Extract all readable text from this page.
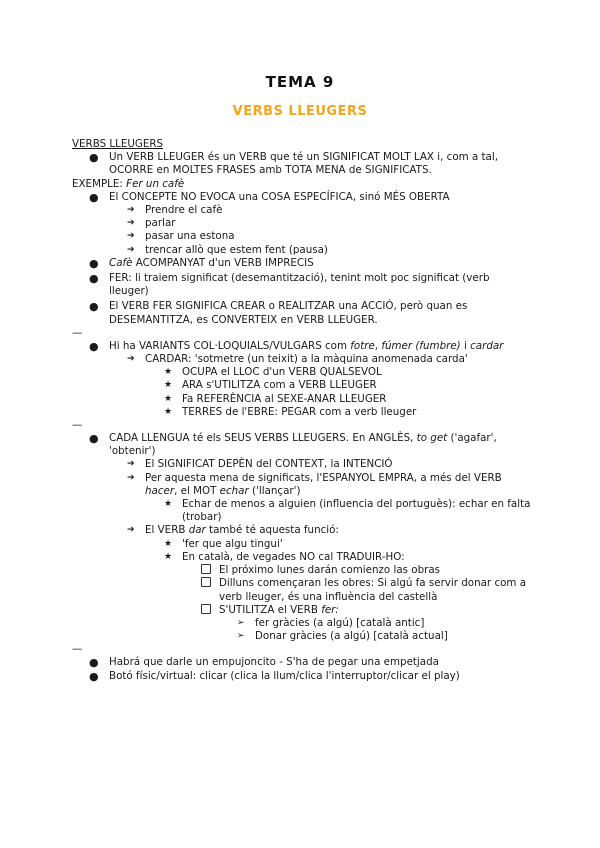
TEMA 9
VERBS LLEUGERS
VERBS LLEUGERS
● Un VERB LLEUGER és un VERB que té un SIGNIFICAT MOLT LAX i, com a tal, OCORRE en MOLTES FRASES amb TOTA MENA de SIGNIFICATS.
EXEMPLE: Fer un cafè
● El CONCEPTE NO EVOCA una COSA ESPECÍFICA, sinó MÉS OBERTA
➔ Prendre el cafè
➔ parlar
➔ pasar una estona
➔ trencar allò que estem fent (pausa)
● Cafè ACOMPANYAT d'un VERB IMPRECIS
● FER: li traiem significat (desemantització), tenint molt poc significat (verb lleuger)
● El VERB FER SIGNIFICA CREAR o REALITZAR una ACCIÓ, però quan es DESEMANTITZA, es CONVERTEIX en VERB LLEUGER.
—
● Hi ha VARIANTS COL·LOQUIALS/VULGARS com fotre, fúmer (fumbre) i cardar
➔ CARDAR: 'sotmetre (un teixit) a la màquina anomenada carda'
★ OCUPA el LLOC d'un VERB QUALSEVOL
★ ARA s'UTILITZA com a VERB LLEUGER
★ Fa REFERÈNCIA al SEXE-ANAR LLEUGER
★ TERRES de l'EBRE: PEGAR com a verb lleuger
—
● CADA LLENGUA té els SEUS VERBS LLEUGERS. En ANGLÈS, to get ('agafar', 'obtenir')
➔ El SIGNIFICAT DEPÈN del CONTEXT, la INTENCIÓ
➔ Per aquesta mena de significats, l'ESPANYOL EMPRA, a més del VERB hacer, el MOT echar ('llançar')
★ Echar de menos a alguien (influencia del portuguès): echar en falta (trobar)
➔ El VERB dar també té aquesta funció:
★ 'fer que algu tingui'
★ En català, de vegades NO cal TRADUIR-HO:
El próximo lunes darán comienzo las obras
Dilluns començaran les obres: Si algú fa servir donar com a verb lleuger, és una influència del castellà
S'UTILITZA el VERB fer:
➢ fer gràcies (a algú) [català antic]
➢ Donar gràcies (a algú) [català actual]
—
● Habrá que darle un empujoncito - S'ha de pegar una empetjada
● Botó físic/virtual: clicar (clica la llum/clica l'interruptor/clicar el play)
